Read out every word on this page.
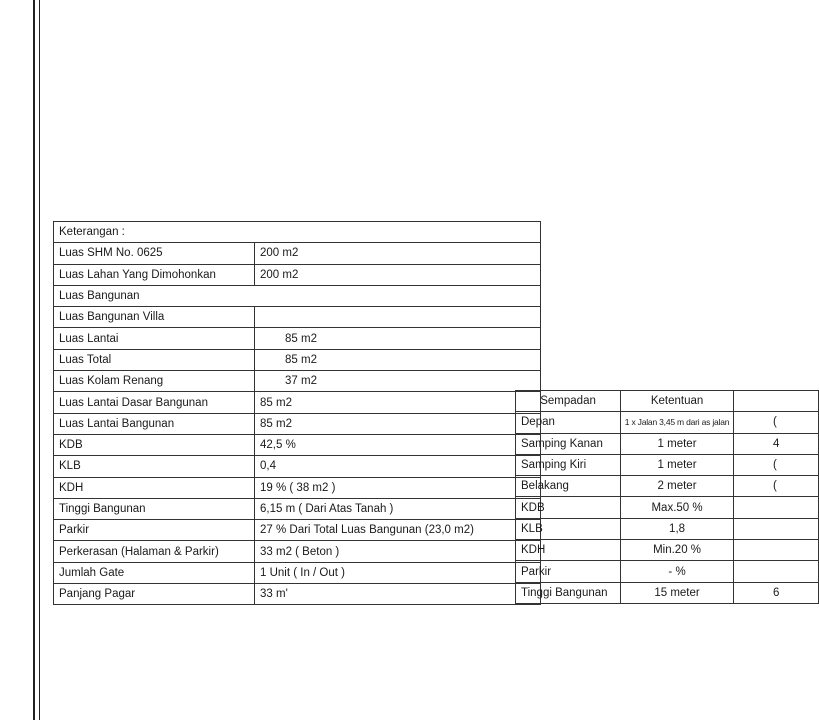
Keterangan :	
Luas SHM No. 0625	200 m2
Luas Lahan Yang Dimohonkan	200 m2
Luas Bangunan	
Luas Bangunan Villa	
Luas Lantai	85 m2
Luas Total	85 m2
Luas Kolam Renang	37 m2
Luas Lantai Dasar Bangunan	85 m2
Luas Lantai Bangunan	85 m2
KDB	42,5 %
KLB	0,4
KDH	19 % ( 38 m2 )
Tinggi Bangunan	6,15 m ( Dari Atas Tanah )
Parkir	27 % Dari Total Luas Bangunan (23,0 m2)
Perkerasan (Halaman & Parkir)	33 m2 ( Beton )
Jumlah Gate	1 Unit ( In / Out )
Panjang Pagar	33 m'
Sempadan	Ketentuan	
Depan	1 x Jalan 3,45 m dari as jalan	(

Samping Kanan	1 meter	4

Samping Kiri	1 meter	(

Belakang	2 meter	(

KDB	Max.50 %	

KLB	1,8	

KDH	Min.20 %	

Parkir	- %	

Tinggi Bangunan	15 meter	6
